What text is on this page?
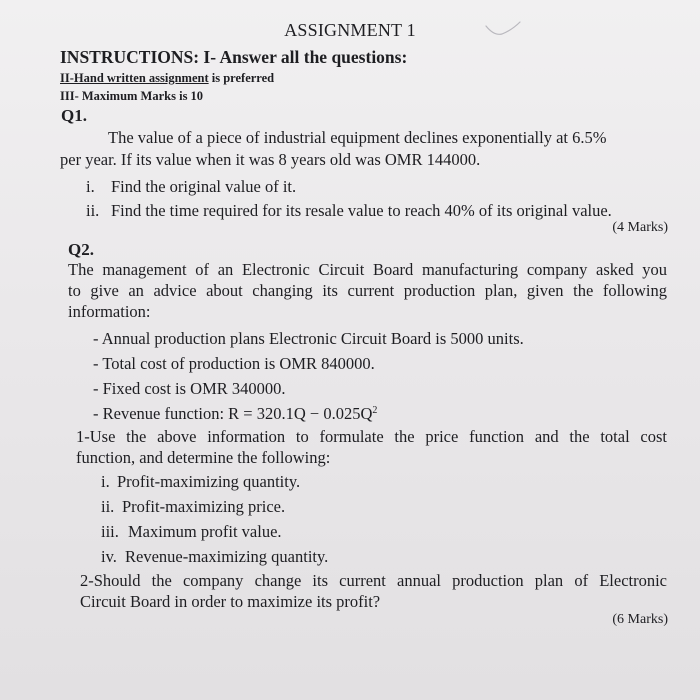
ASSIGNMENT 1
INSTRUCTIONS: I- Answer all the questions:
II-Hand written assignment is preferred
III- Maximum Marks is 10
Q1.
The value of a piece of industrial equipment declines exponentially at 6.5%
per year. If its value when it was 8 years old was OMR 144000.
i. Find the original value of it.
ii. Find the time required for its resale value to reach 40% of its original value.
(4 Marks)
Q2.
The management of an Electronic Circuit Board manufacturing company asked you
to give an advice about changing its current production plan, given the following
information:
- Annual production plans Electronic Circuit Board is 5000 units.
- Total cost of production is OMR 840000.
- Fixed cost is OMR 340000.
- Revenue function: $R = 320.1Q - 0.025Q^2$
1-Use the above information to formulate the price function and the total cost
function, and determine the following:
i. Profit-maximizing quantity.
ii. Profit-maximizing price.
iii. Maximum profit value.
iv. Revenue-maximizing quantity.
2-Should the company change its current annual production plan of Electronic
Circuit Board in order to maximize its profit?
(6 Marks)
